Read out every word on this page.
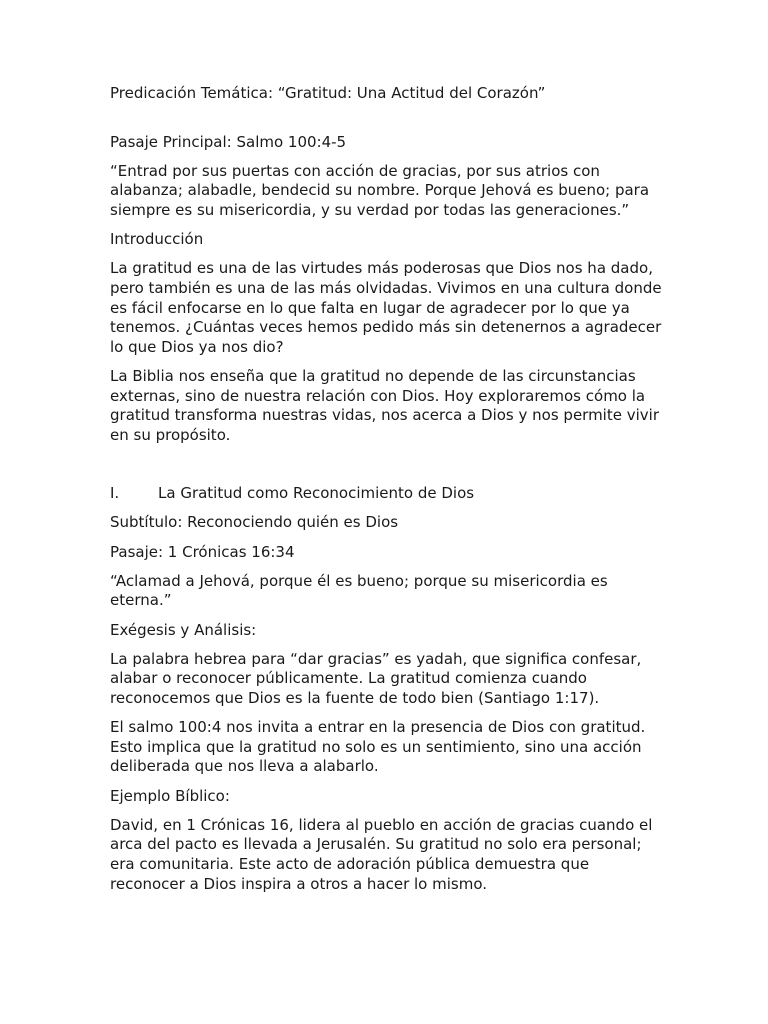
Predicación Temática: “Gratitud: Una Actitud del Corazón”

Pasaje Principal: Salmo 100:4-5

“Entrad por sus puertas con acción de gracias, por sus atrios con alabanza; alabadle, bendecid su nombre. Porque Jehová es bueno; para siempre es su misericordia, y su verdad por todas las generaciones.”

Introducción

La gratitud es una de las virtudes más poderosas que Dios nos ha dado, pero también es una de las más olvidadas. Vivimos en una cultura donde es fácil enfocarse en lo que falta en lugar de agradecer por lo que ya tenemos. ¿Cuántas veces hemos pedido más sin detenernos a agradecer lo que Dios ya nos dio?

La Biblia nos enseña que la gratitud no depende de las circunstancias externas, sino de nuestra relación con Dios. Hoy exploraremos cómo la gratitud transforma nuestras vidas, nos acerca a Dios y nos permite vivir en su propósito.

I.	La Gratitud como Reconocimiento de Dios

Subtítulo: Reconociendo quién es Dios

Pasaje: 1 Crónicas 16:34

“Aclamad a Jehová, porque él es bueno; porque su misericordia es eterna.”

Exégesis y Análisis:

La palabra hebrea para “dar gracias” es yadah, que significa confesar, alabar o reconocer públicamente. La gratitud comienza cuando reconocemos que Dios es la fuente de todo bien (Santiago 1:17).

El salmo 100:4 nos invita a entrar en la presencia de Dios con gratitud. Esto implica que la gratitud no solo es un sentimiento, sino una acción deliberada que nos lleva a alabarlo.

Ejemplo Bíblico:

David, en 1 Crónicas 16, lidera al pueblo en acción de gracias cuando el arca del pacto es llevada a Jerusalén. Su gratitud no solo era personal; era comunitaria. Este acto de adoración pública demuestra que reconocer a Dios inspira a otros a hacer lo mismo.
